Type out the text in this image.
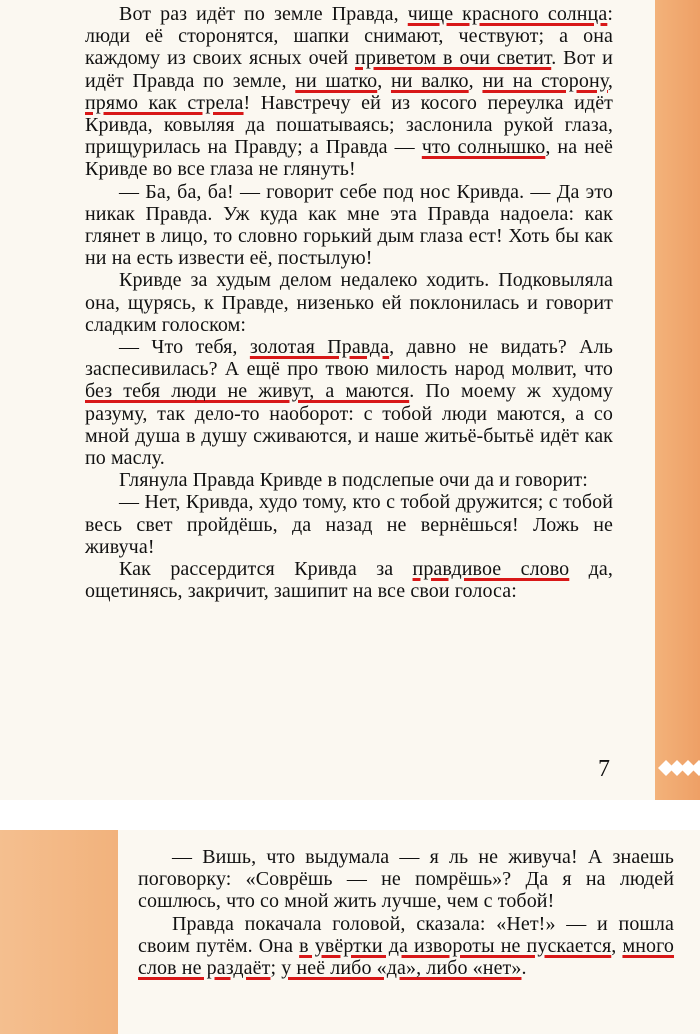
Вот раз идёт по земле Правда, чище красного солнца: люди её сторонятся, шапки снимают, чествуют; а она каждому из своих ясных очей приветом в очи светит. Вот и идёт Правда по земле, ни шатко, ни валко, ни на сторону, прямо как стрела! Навстречу ей из косого переулка идёт Кривда, ковыляя да пошатываясь; заслонила рукой глаза, прищурилась на Правду; а Правда — что солнышко, на неё Кривде во все глаза не глянуть!

— Ба, ба, ба! — говорит себе под нос Кривда. — Да это никак Правда. Уж куда как мне эта Правда надоела: как глянет в лицо, то словно горький дым глаза ест! Хоть бы как ни на есть извести её, постылую!

Кривде за худым делом недалеко ходить. Подковыляла она, щурясь, к Правде, низенько ей поклонилась и говорит сладким голоском:

— Что тебя, золотая Правда, давно не видать? Аль заспесивилась? А ещё про твою милость народ молвит, что без тебя люди не живут, а маются. По моему ж худому разуму, так дело-то наоборот: с тобой люди маются, а со мной душа в душу сживаются, и наше житьё-бытьё идёт как по маслу.

Глянула Правда Кривде в подслепые очи да и говорит:

— Нет, Кривда, худо тому, кто с тобой дружится; с тобой весь свет пройдёшь, да назад не вернёшься! Ложь не живуча!

Как рассердится Кривда за правдивое слово да, ощетинясь, закричит, зашипит на все свои голоса:

7

— Вишь, что выдумала — я ль не живуча! А знаешь поговорку: «Соврёшь — не помрёшь»? Да я на людей сошлюсь, что со мной жить лучше, чем с тобой!

Правда покачала головой, сказала: «Нет!» — и пошла своим путём. Она в увёртки да извороты не пускается, много слов не раздаёт; у неё либо «да», либо «нет».
